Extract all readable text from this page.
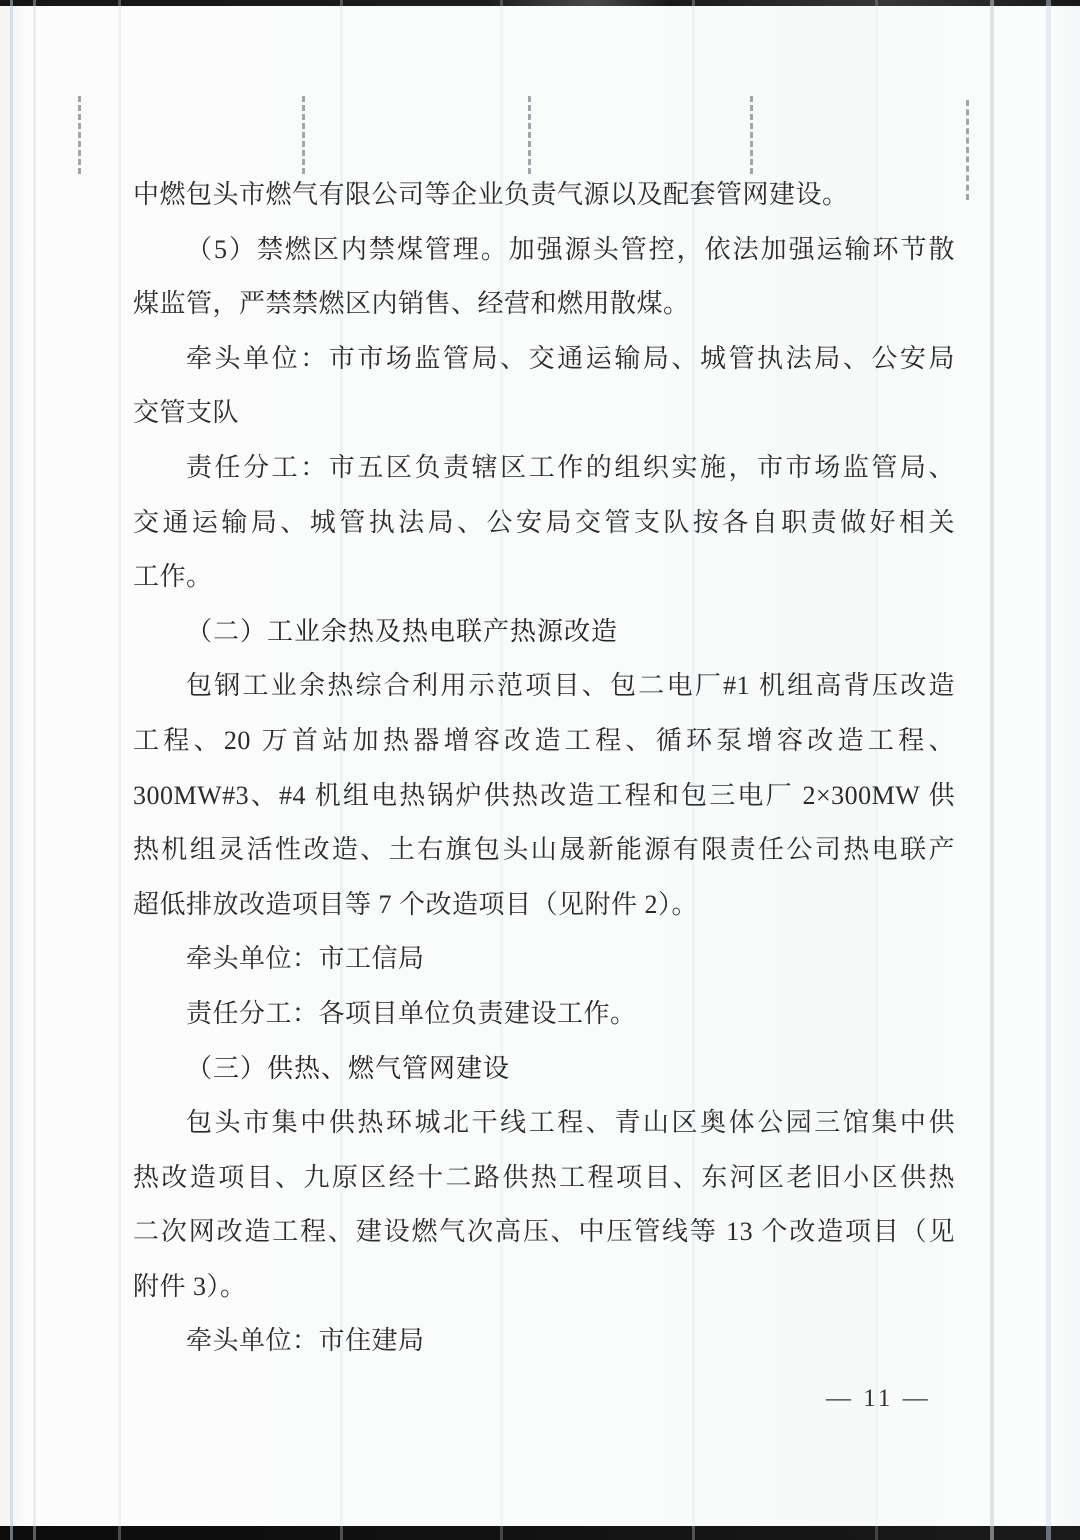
中燃包头市燃气有限公司等企业负责气源以及配套管网建设。
（5）禁燃区内禁煤管理。加强源头管控，依法加强运输环节散
煤监管，严禁禁燃区内销售、经营和燃用散煤。
牵头单位：市市场监管局、交通运输局、城管执法局、公安局
交管支队
责任分工：市五区负责辖区工作的组织实施，市市场监管局、
交通运输局、城管执法局、公安局交管支队按各自职责做好相关
工作。
（二）工业余热及热电联产热源改造
包钢工业余热综合利用示范项目、包二电厂#1 机组高背压改造
工程、20 万首站加热器增容改造工程、循环泵增容改造工程、
300MW#3、#4 机组电热锅炉供热改造工程和包三电厂 2×300MW 供
热机组灵活性改造、土右旗包头山晟新能源有限责任公司热电联产
超低排放改造项目等 7 个改造项目（见附件 2）。
牵头单位：市工信局
责任分工：各项目单位负责建设工作。
（三）供热、燃气管网建设
包头市集中供热环城北干线工程、青山区奥体公园三馆集中供
热改造项目、九原区经十二路供热工程项目、东河区老旧小区供热
二次网改造工程、建设燃气次高压、中压管线等 13 个改造项目（见
附件 3）。
牵头单位：市住建局
— 11 —
